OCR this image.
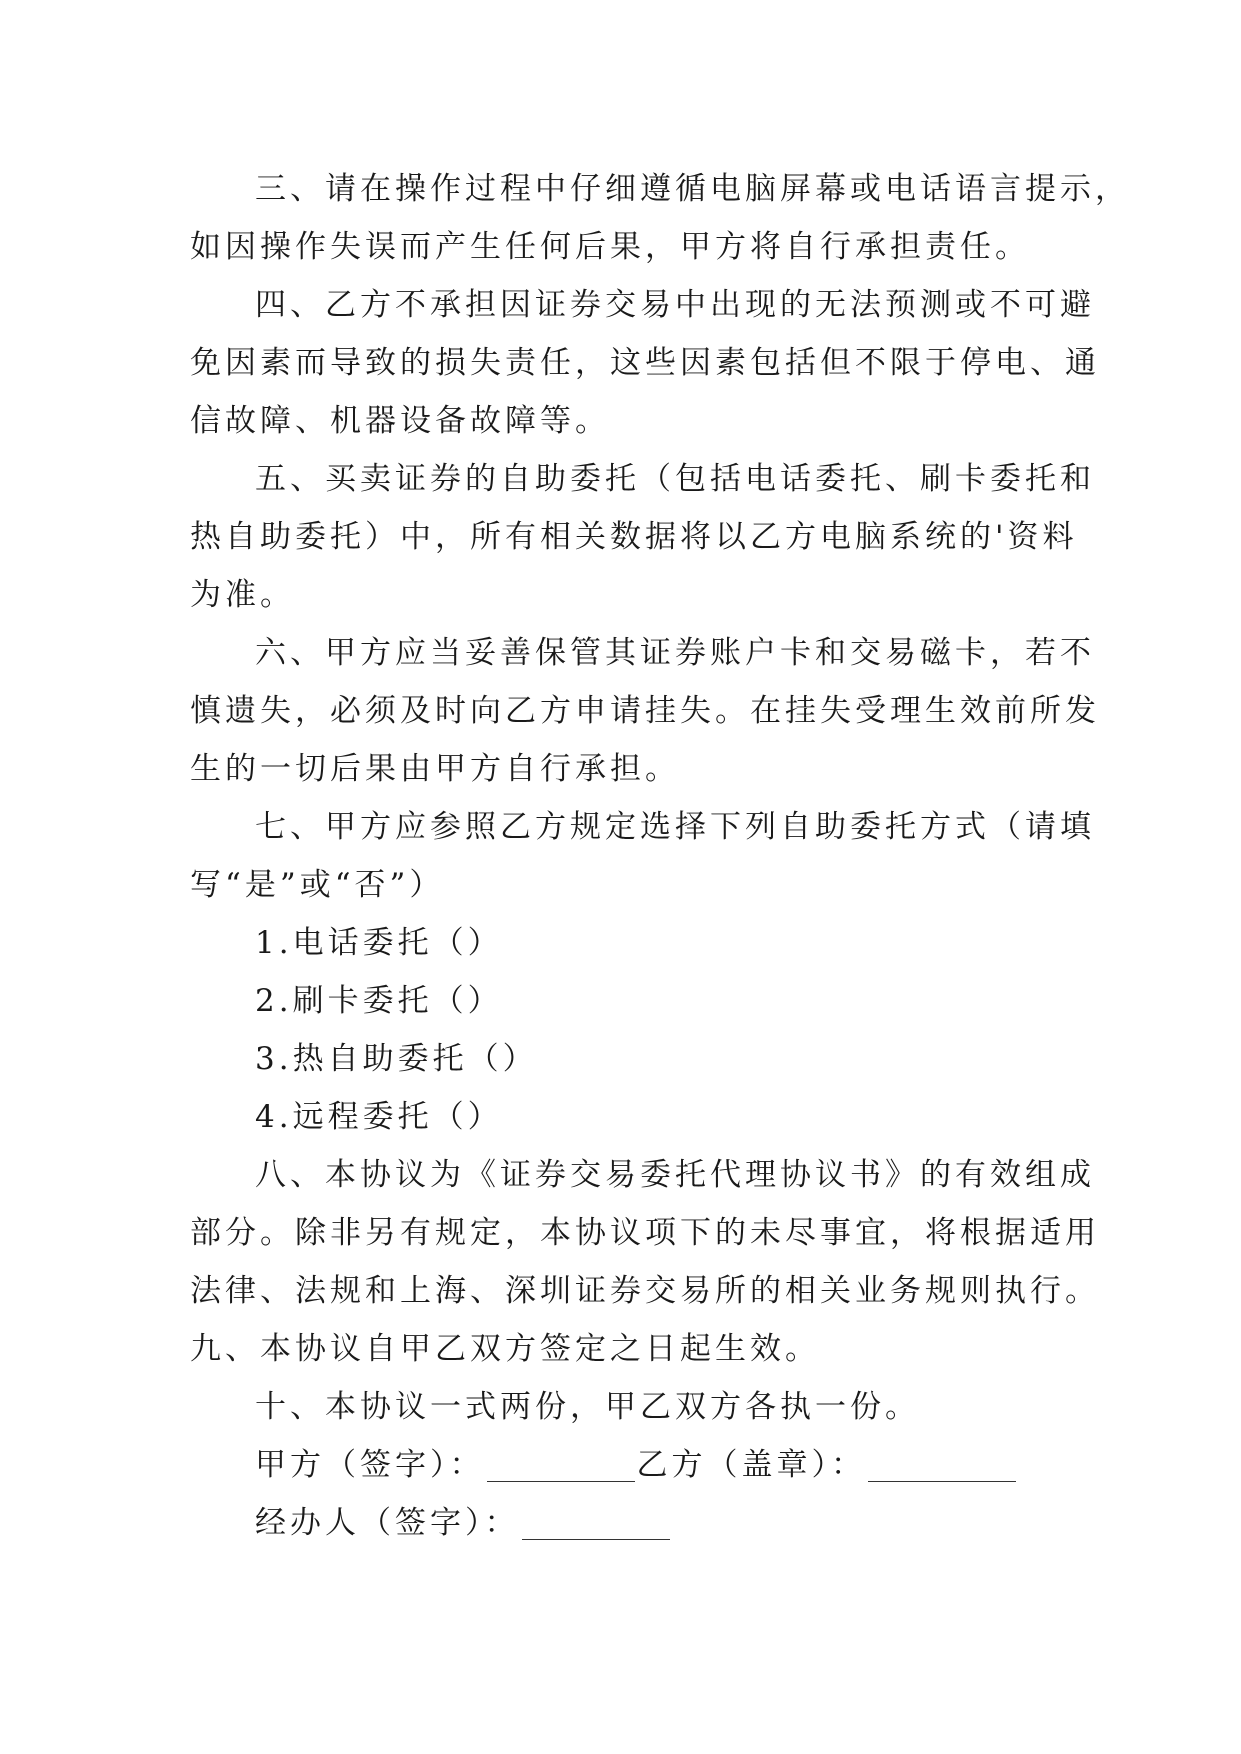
三、请在操作过程中仔细遵循电脑屏幕或电话语言提示，
如因操作失误而产生任何后果，甲方将自行承担责任。
四、乙方不承担因证券交易中出现的无法预测或不可避
免因素而导致的损失责任，这些因素包括但不限于停电、通
信故障、机器设备故障等。
五、买卖证券的自助委托（包括电话委托、刷卡委托和
热自助委托）中，所有相关数据将以乙方电脑系统的'资料
为准。
六、甲方应当妥善保管其证券账户卡和交易磁卡，若不
慎遗失，必须及时向乙方申请挂失。在挂失受理生效前所发
生的一切后果由甲方自行承担。
七、甲方应参照乙方规定选择下列自助委托方式（请填
写“是”或“否”）
1.电话委托（）
2.刷卡委托（）
3.热自助委托（）
4.远程委托（）
八、本协议为《证券交易委托代理协议书》的有效组成
部分。除非另有规定，本协议项下的未尽事宜，将根据适用
法律、法规和上海、深圳证券交易所的相关业务规则执行。
九、本协议自甲乙双方签定之日起生效。
十、本协议一式两份，甲乙双方各执一份。
甲方（签字）：	乙方（盖章）：
经办人（签字）：
